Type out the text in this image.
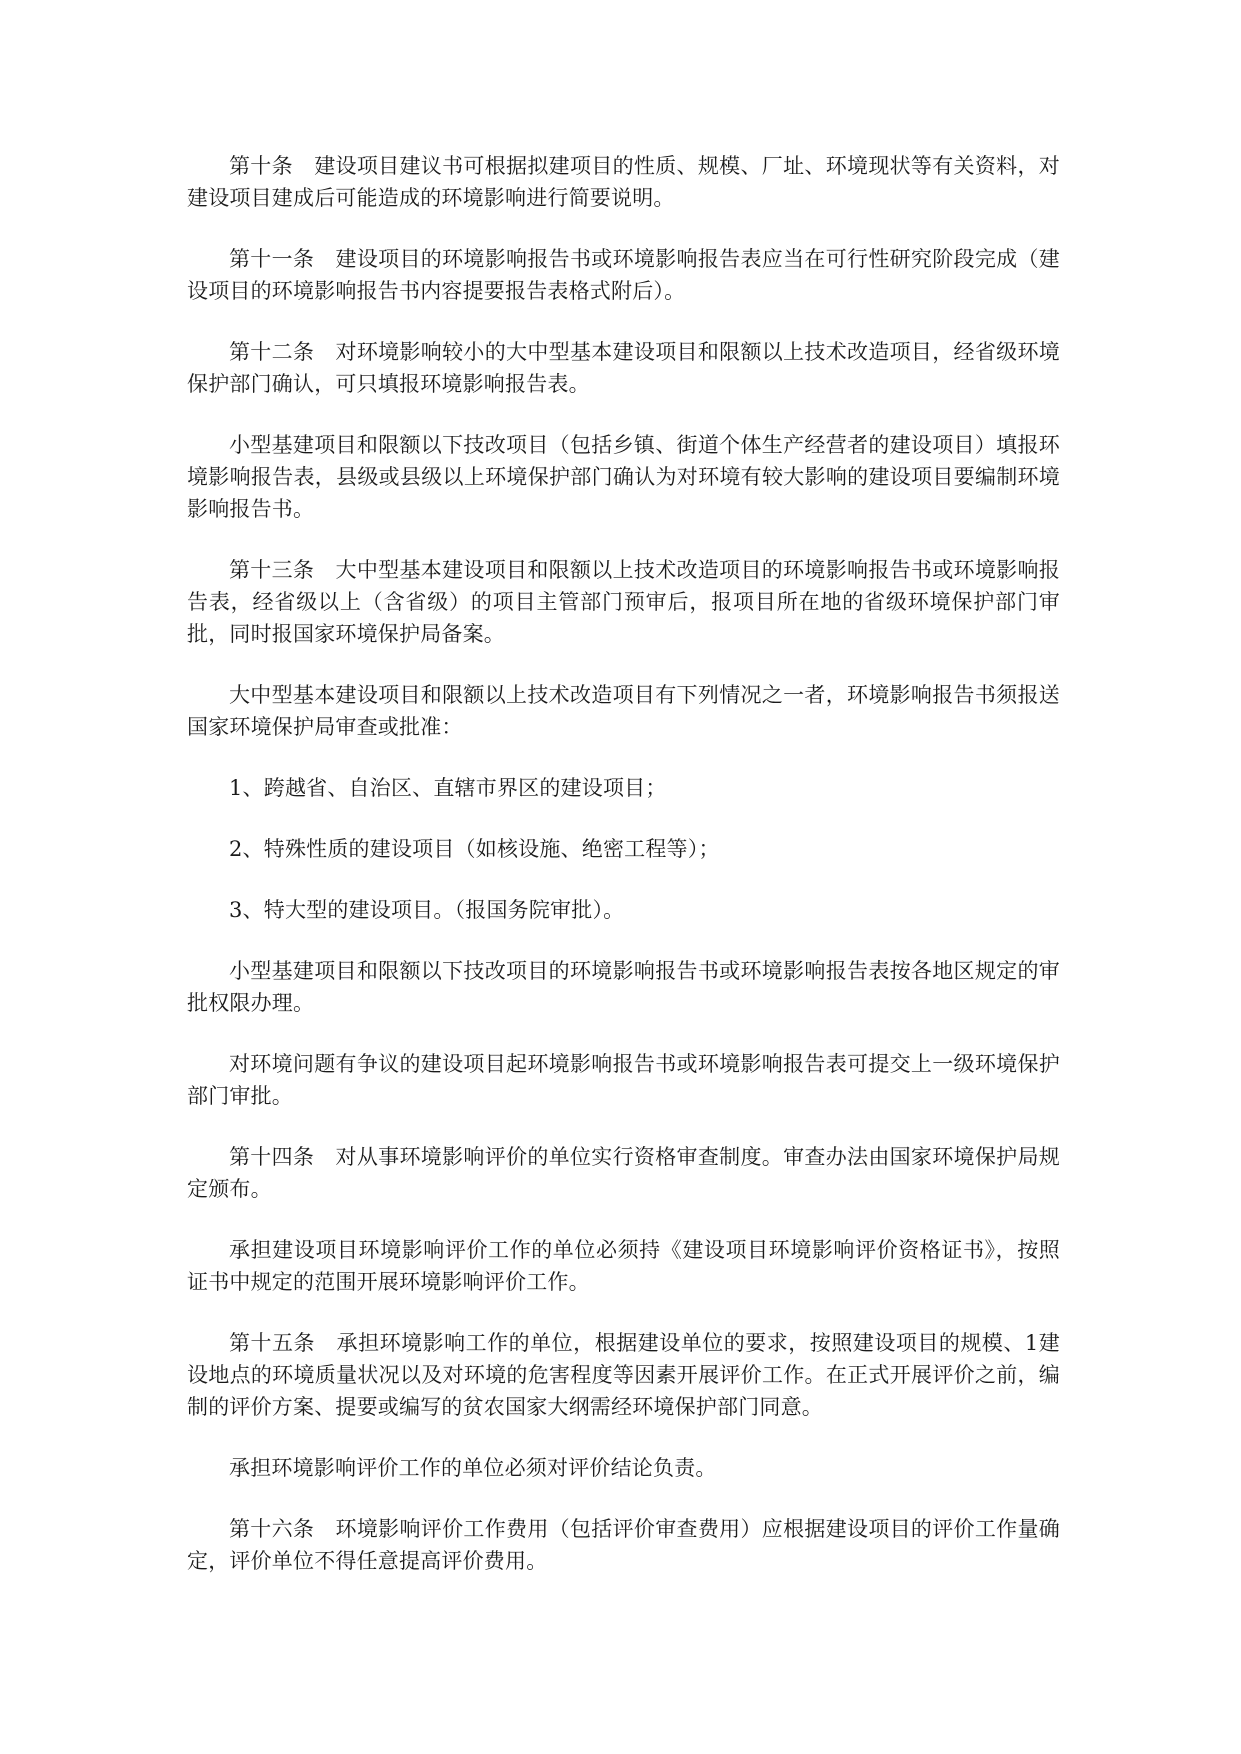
第十条　建设项目建议书可根据拟建项目的性质、规模、厂址、环境现状等有关资料，对建设项目建成后可能造成的环境影响进行简要说明。

第十一条　建设项目的环境影响报告书或环境影响报告表应当在可行性研究阶段完成（建设项目的环境影响报告书内容提要报告表格式附后）。

第十二条　对环境影响较小的大中型基本建设项目和限额以上技术改造项目，经省级环境保护部门确认，可只填报环境影响报告表。

小型基建项目和限额以下技改项目（包括乡镇、街道个体生产经营者的建设项目）填报环境影响报告表，县级或县级以上环境保护部门确认为对环境有较大影响的建设项目要编制环境影响报告书。

第十三条　大中型基本建设项目和限额以上技术改造项目的环境影响报告书或环境影响报告表，经省级以上（含省级）的项目主管部门预审后，报项目所在地的省级环境保护部门审批，同时报国家环境保护局备案。

大中型基本建设项目和限额以上技术改造项目有下列情况之一者，环境影响报告书须报送国家环境保护局审查或批准：

1、跨越省、自治区、直辖市界区的建设项目；

2、特殊性质的建设项目（如核设施、绝密工程等）；

3、特大型的建设项目。（报国务院审批）。

小型基建项目和限额以下技改项目的环境影响报告书或环境影响报告表按各地区规定的审批权限办理。

对环境问题有争议的建设项目起环境影响报告书或环境影响报告表可提交上一级环境保护部门审批。

第十四条　对从事环境影响评价的单位实行资格审查制度。审查办法由国家环境保护局规定颁布。

承担建设项目环境影响评价工作的单位必须持《建设项目环境影响评价资格证书》，按照证书中规定的范围开展环境影响评价工作。

第十五条　承担环境影响工作的单位，根据建设单位的要求，按照建设项目的规模、1建设地点的环境质量状况以及对环境的危害程度等因素开展评价工作。在正式开展评价之前，编制的评价方案、提要或编写的贫农国家大纲需经环境保护部门同意。

承担环境影响评价工作的单位必须对评价结论负责。

第十六条　环境影响评价工作费用（包括评价审查费用）应根据建设项目的评价工作量确定，评价单位不得任意提高评价费用。
